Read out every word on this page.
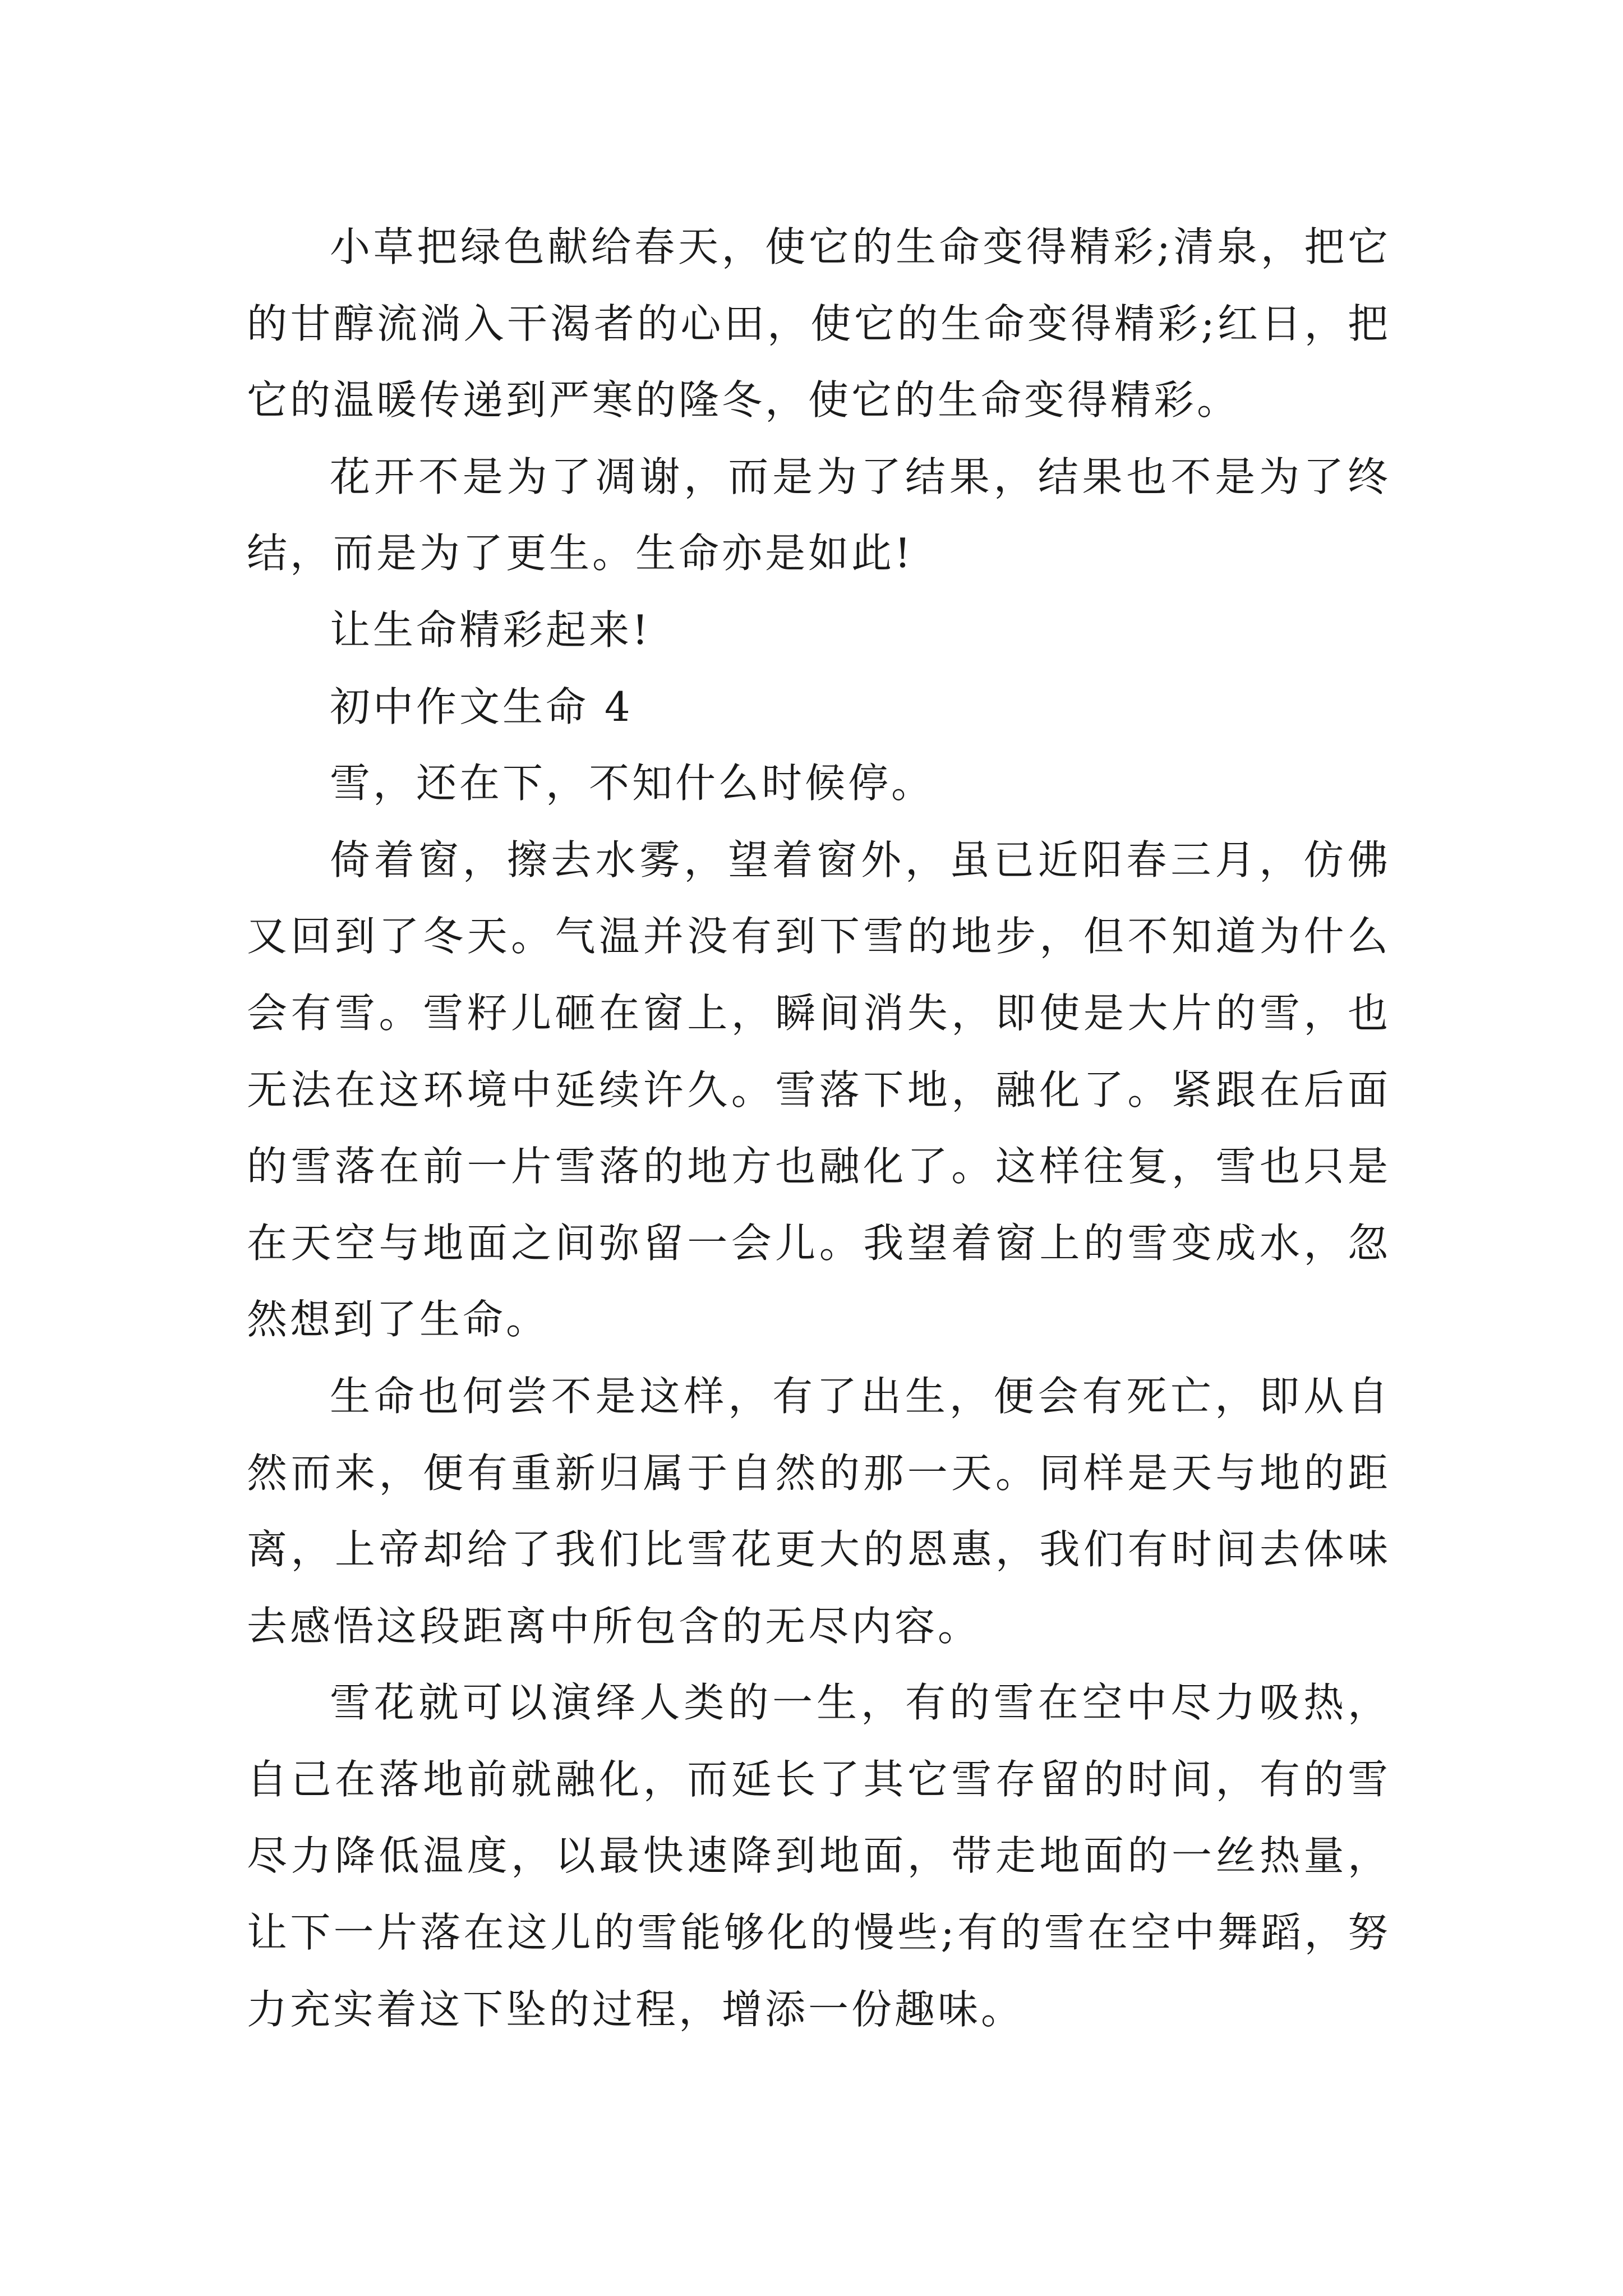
小草把绿色献给春天，使它的生命变得精彩;清泉，把它的甘醇流淌入干渴者的心田，使它的生命变得精彩;红日，把它的温暖传递到严寒的隆冬，使它的生命变得精彩。

花开不是为了凋谢，而是为了结果，结果也不是为了终结，而是为了更生。生命亦是如此!

让生命精彩起来!

初中作文生命 4

雪，还在下，不知什么时候停。

倚着窗，擦去水雾，望着窗外，虽已近阳春三月，仿佛又回到了冬天。气温并没有到下雪的地步，但不知道为什么会有雪。雪籽儿砸在窗上，瞬间消失，即使是大片的雪，也无法在这环境中延续许久。雪落下地，融化了。紧跟在后面的雪落在前一片雪落的地方也融化了。这样往复，雪也只是在天空与地面之间弥留一会儿。我望着窗上的雪变成水，忽然想到了生命。

生命也何尝不是这样，有了出生，便会有死亡，即从自然而来，便有重新归属于自然的那一天。同样是天与地的距离，上帝却给了我们比雪花更大的恩惠，我们有时间去体味去感悟这段距离中所包含的无尽内容。

雪花就可以演绎人类的一生，有的雪在空中尽力吸热，自己在落地前就融化，而延长了其它雪存留的时间，有的雪尽力降低温度，以最快速降到地面，带走地面的一丝热量，让下一片落在这儿的雪能够化的慢些;有的雪在空中舞蹈，努力充实着这下坠的过程，增添一份趣味。
